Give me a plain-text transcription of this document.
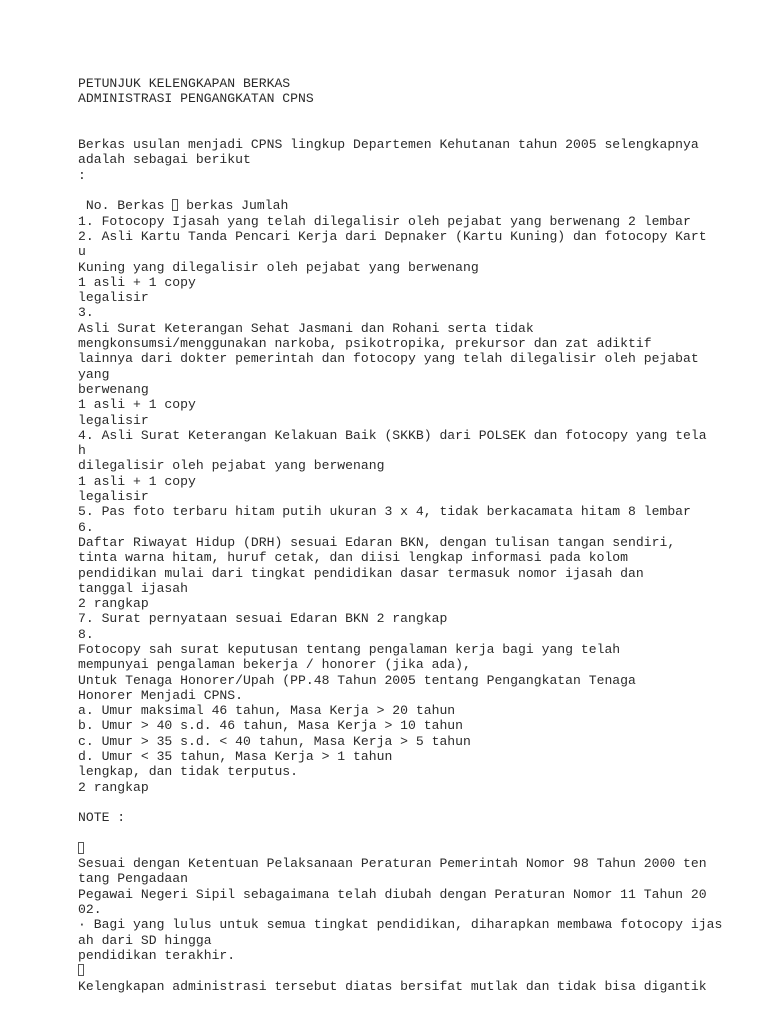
PETUNJUK KELENGKAPAN BERKAS
ADMINISTRASI PENGANGKATAN CPNS
Berkas usulan menjadi CPNS lingkup Departemen Kehutanan tahun 2005 selengkapnya
adalah sebagai berikut
:
No. Berkas  berkas Jumlah
1. Fotocopy Ijasah yang telah dilegalisir oleh pejabat yang berwenang 2 lembar
2. Asli Kartu Tanda Pencari Kerja dari Depnaker (Kartu Kuning) dan fotocopy Kart
u
Kuning yang dilegalisir oleh pejabat yang berwenang
1 asli + 1 copy
legalisir
3.
Asli Surat Keterangan Sehat Jasmani dan Rohani serta tidak
mengkonsumsi/menggunakan narkoba, psikotropika, prekursor dan zat adiktif
lainnya dari dokter pemerintah dan fotocopy yang telah dilegalisir oleh pejabat
yang
berwenang
1 asli + 1 copy
legalisir
4. Asli Surat Keterangan Kelakuan Baik (SKKB) dari POLSEK dan fotocopy yang tela
h
dilegalisir oleh pejabat yang berwenang
1 asli + 1 copy
legalisir
5. Pas foto terbaru hitam putih ukuran 3 x 4, tidak berkacamata hitam 8 lembar
6.
Daftar Riwayat Hidup (DRH) sesuai Edaran BKN, dengan tulisan tangan sendiri,
tinta warna hitam, huruf cetak, dan diisi lengkap informasi pada kolom
pendidikan mulai dari tingkat pendidikan dasar termasuk nomor ijasah dan
tanggal ijasah
2 rangkap
7. Surat pernyataan sesuai Edaran BKN 2 rangkap
8.
Fotocopy sah surat keputusan tentang pengalaman kerja bagi yang telah
mempunyai pengalaman bekerja / honorer (jika ada),
Untuk Tenaga Honorer/Upah (PP.48 Tahun 2005 tentang Pengangkatan Tenaga
Honorer Menjadi CPNS.
a. Umur maksimal 46 tahun, Masa Kerja > 20 tahun
b. Umur > 40 s.d. 46 tahun, Masa Kerja > 10 tahun
c. Umur > 35 s.d. < 40 tahun, Masa Kerja > 5 tahun
d. Umur < 35 tahun, Masa Kerja > 1 tahun
lengkap, dan tidak terputus.
2 rangkap
NOTE :
Sesuai dengan Ketentuan Pelaksanaan Peraturan Pemerintah Nomor 98 Tahun 2000 ten
tang Pengadaan
Pegawai Negeri Sipil sebagaimana telah diubah dengan Peraturan Nomor 11 Tahun 20
02.
· Bagi yang lulus untuk semua tingkat pendidikan, diharapkan membawa fotocopy ijas
ah dari SD hingga
pendidikan terakhir.
Kelengkapan administrasi tersebut diatas bersifat mutlak dan tidak bisa digantik
